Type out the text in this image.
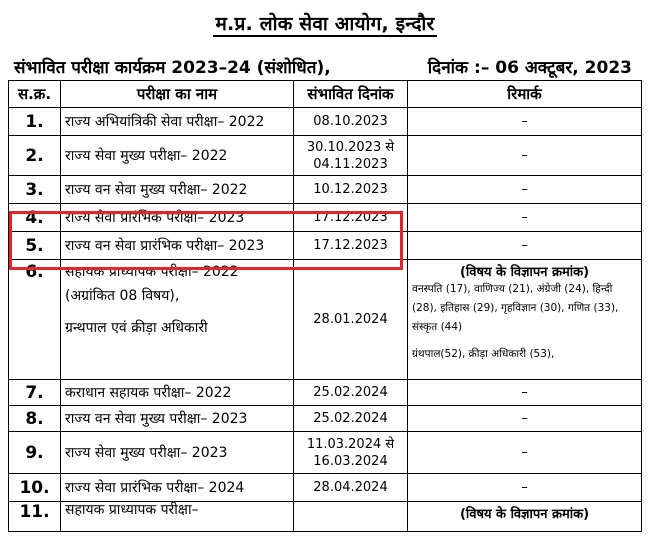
म.प्र. लोक सेवा आयोग, इन्दौर
संभावित परीक्षा कार्यक्रम 2023–24 (संशोधित),	दिनांक :– 06 अक्टूबर, 2023
स.क्र.	परीक्षा का नाम	संभावित दिनांक	रिमार्क
1.	राज्य अभियांत्रिकी सेवा परीक्षा– 2022	08.10.2023	–
2.	राज्य सेवा मुख्य परीक्षा– 2022	30.10.2023 से
04.11.2023	–
3.	राज्य वन सेवा मुख्य परीक्षा– 2022	10.12.2023	–
4.	राज्य सेवा प्रारंभिक परीक्षा– 2023	17.12.2023	–
5.	राज्य वन सेवा प्रारंभिक परीक्षा– 2023	17.12.2023	–
6.	सहायक प्राध्यापक परीक्षा– 2022
(अग्रांकित 08 विषय),
ग्रन्थपाल एवं क्रीड़ा अधिकारी	28.01.2024	(विषय के विज्ञापन क्रमांक)
वनस्पति (17), वाणिज्य (21), अंग्रेजी (24), हिन्दी
(28), इतिहास (29), गृहविज्ञान (30), गणित (33),
संस्कृत (44)
ग्रंथपाल(52), क्रीड़ा अधिकारी (53),

7.	कराधान सहायक परीक्षा– 2022	25.02.2024	–
8.	राज्य वन सेवा मुख्य परीक्षा– 2023	25.02.2024	–
9.	राज्य सेवा मुख्य परीक्षा– 2023	11.03.2024 से
16.03.2024	–
10.	राज्य सेवा प्रारंभिक परीक्षा– 2024	28.04.2024	–
11.	सहायक प्राध्यापक परीक्षा–		(विषय के विज्ञापन क्रमांक)
